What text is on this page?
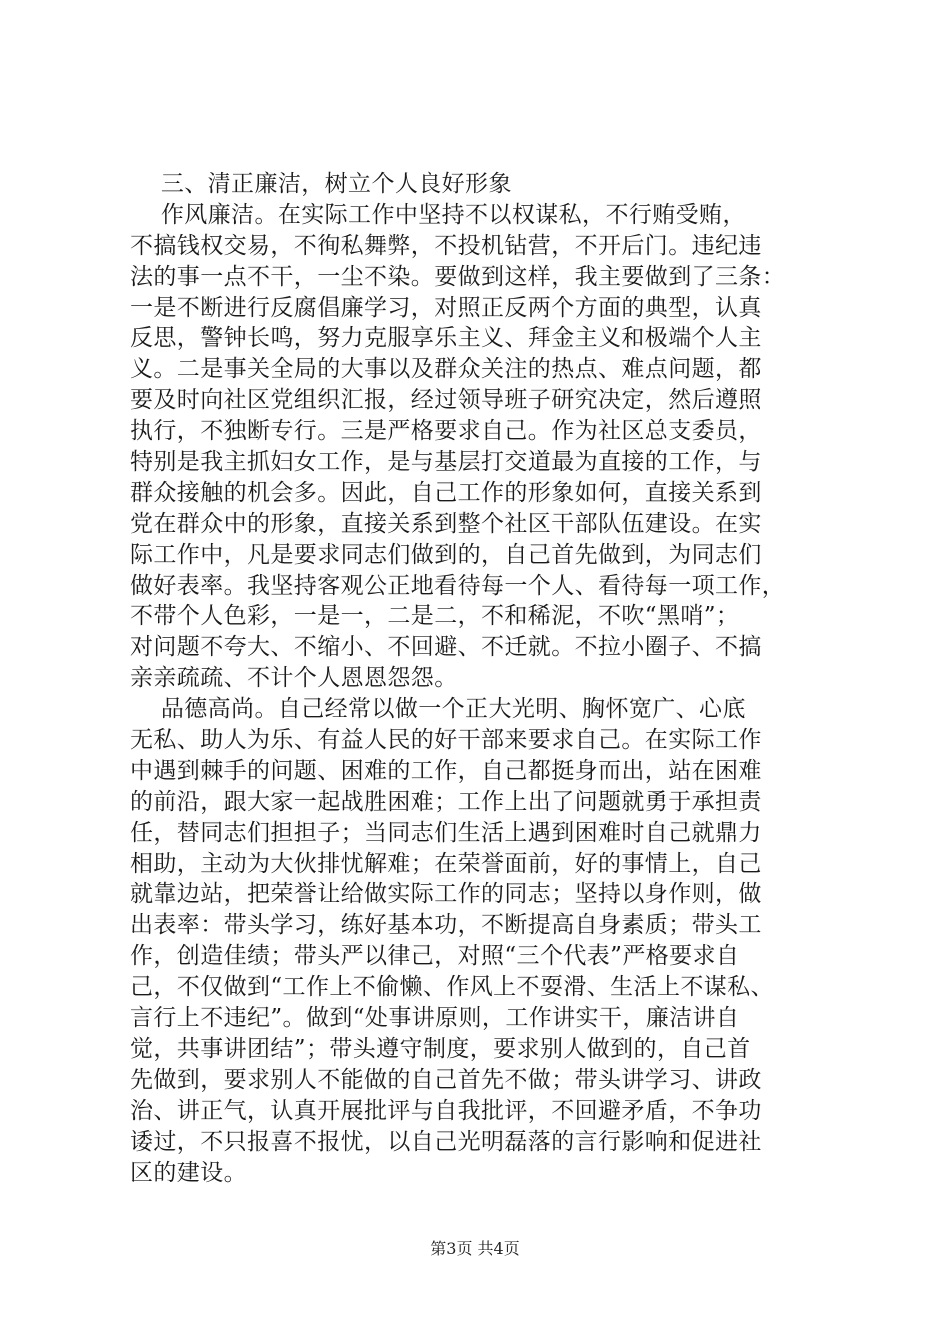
三、清正廉洁，树立个人良好形象
作风廉洁。在实际工作中坚持不以权谋私，不行贿受贿，
不搞钱权交易，不徇私舞弊，不投机钻营，不开后门。违纪违
法的事一点不干，一尘不染。要做到这样，我主要做到了三条：
一是不断进行反腐倡廉学习，对照正反两个方面的典型，认真
反思，警钟长鸣，努力克服享乐主义、拜金主义和极端个人主
义。二是事关全局的大事以及群众关注的热点、难点问题，都
要及时向社区党组织汇报，经过领导班子研究决定，然后遵照
执行，不独断专行。三是严格要求自己。作为社区总支委员，
特别是我主抓妇女工作，是与基层打交道最为直接的工作，与
群众接触的机会多。因此，自己工作的形象如何，直接关系到
党在群众中的形象，直接关系到整个社区干部队伍建设。在实
际工作中，凡是要求同志们做到的，自己首先做到，为同志们
做好表率。我坚持客观公正地看待每一个人、看待每一项工作，
不带个人色彩，一是一，二是二，不和稀泥，不吹“黑哨”；
对问题不夸大、不缩小、不回避、不迁就。不拉小圈子、不搞
亲亲疏疏、不计个人恩恩怨怨。
品德高尚。自己经常以做一个正大光明、胸怀宽广、心底
无私、助人为乐、有益人民的好干部来要求自己。在实际工作
中遇到棘手的问题、困难的工作，自己都挺身而出，站在困难
的前沿，跟大家一起战胜困难；工作上出了问题就勇于承担责
任，替同志们担担子；当同志们生活上遇到困难时自己就鼎力
相助，主动为大伙排忧解难；在荣誉面前，好的事情上，自己
就靠边站，把荣誉让给做实际工作的同志；坚持以身作则，做
出表率：带头学习，练好基本功，不断提高自身素质；带头工
作，创造佳绩；带头严以律己，对照“三个代表”严格要求自
己，不仅做到“工作上不偷懒、作风上不耍滑、生活上不谋私、
言行上不违纪”。做到“处事讲原则，工作讲实干，廉洁讲自
觉，共事讲团结”；带头遵守制度，要求别人做到的，自己首
先做到，要求别人不能做的自己首先不做；带头讲学习、讲政
治、讲正气，认真开展批评与自我批评，不回避矛盾，不争功
诿过，不只报喜不报忧，以自己光明磊落的言行影响和促进社
区的建设。
第3页 共4页
